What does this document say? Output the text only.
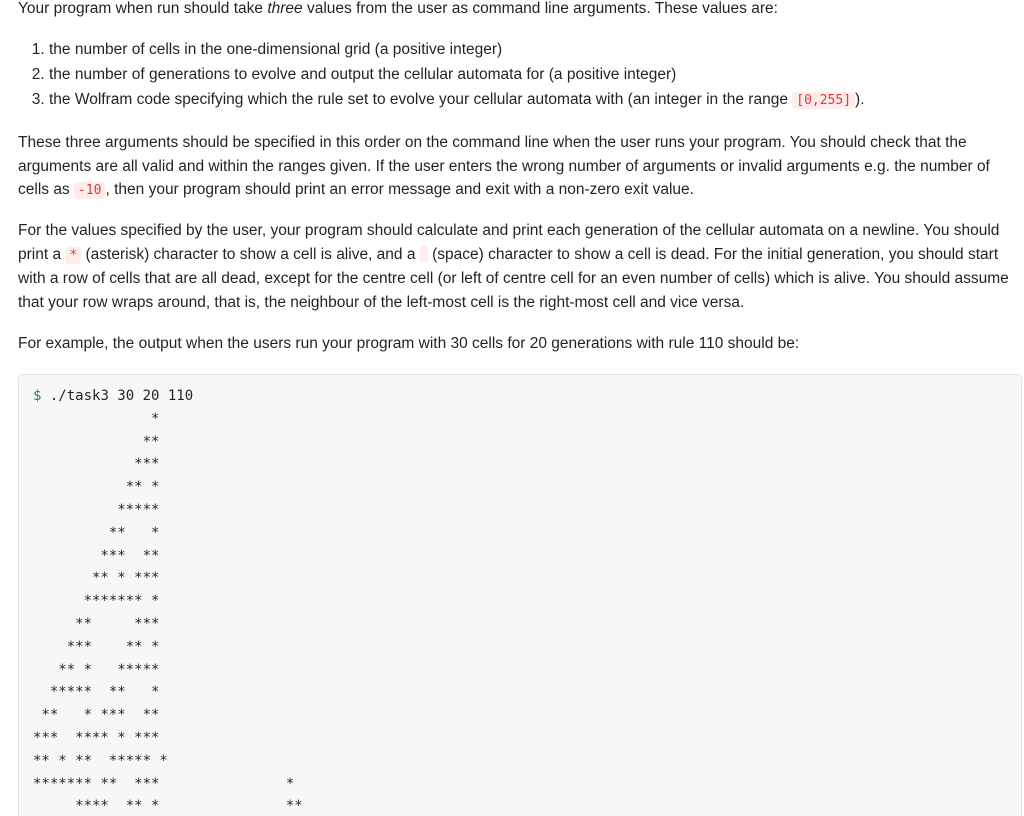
Your program when run should take three values from the user as command line arguments. These values are:

1. the number of cells in the one-dimensional grid (a positive integer)
2. the number of generations to evolve and output the cellular automata for (a positive integer)
3. the Wolfram code specifying which the rule set to evolve your cellular automata with (an integer in the range [0,255] ).

These three arguments should be specified in this order on the command line when the user runs your program. You should check that the arguments are all valid and within the ranges given. If the user enters the wrong number of arguments or invalid arguments e.g. the number of cells as -10 , then your program should print an error message and exit with a non-zero exit value.

For the values specified by the user, your program should calculate and print each generation of the cellular automata on a newline. You should print a * (asterisk) character to show a cell is alive, and a  (space) character to show a cell is dead. For the initial generation, you should start with a row of cells that are all dead, except for the centre cell (or left of centre cell for an even number of cells) which is alive. You should assume that your row wraps around, that is, the neighbour of the left-most cell is the right-most cell and vice versa.

For example, the output when the users run your program with 30 cells for 20 generations with rule 110 should be:

$ ./task3 30 20 110
*
**
***
** *
*****
**   *
***  **
** * ***
******* *
**     ***
***    ** *
** *   *****
*****  **   *
**   * ***  **
***  **** * ***
** * **  ***** *
******* **  ***               *
****  ** *               **
